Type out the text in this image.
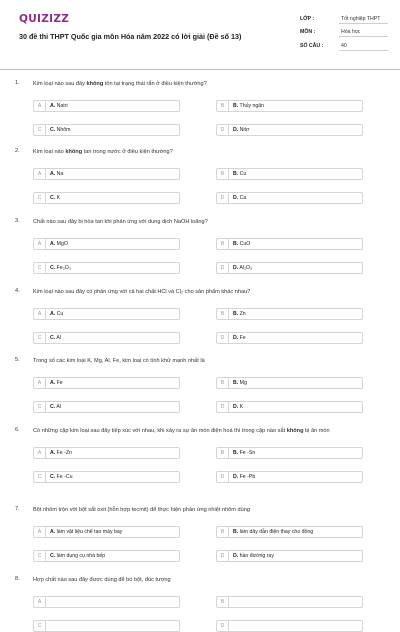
QUIZIZZ
30 đề thi THPT Quốc gia môn Hóa năm 2022 có lời giải (Đề số 13)
LỚP :	Tốt nghiệp THPT
MÔN :	Hóa học
SỐ CÂU :	40
1. Kim loại nào sau đây không tồn tại trạng thái rắn ở điều kiện thường?
A	A. Natri	B	B. Thủy ngân
C	C. Nhôm	D	D. Nitơ
2. Kim loại nào không tan trong nước ở điều kiện thường?
A	A. Na	B	B. Cu
C	C. K	D	D. Ca
3. Chất nào sau đây bị hòa tan khi phản ứng với dung dịch NaOH loãng?
A	A. MgO	B	B. CuO
C	C. Fe₂O₃	D	D. Al₂O₃
4. Kim loại nào sau đây có phản ứng với cả hai chất HCl và Cl₂ cho sản phẩm khác nhau?
A	A. Cu	B	B. Zn
C	C. Al	D	D. Fe
5. Trong số các kim loại K, Mg, Al, Fe, kim loại có tính khử mạnh nhất là
A	A. Fe	B	B. Mg
C	C. Al	D	D. K
6. Có những cặp kim loại sau đây tiếp xúc với nhau, khi xảy ra sự ăn mòn điện hoá thì trong cặp nào sắt không bị ăn mòn
A	A. Fe -Zn	B	B. Fe -Sn
C	C. Fe -Cu	D	D. Fe -Pb
7. Bột nhôm trộn với bột sắt oxit (hỗn hợp tecmit) để thực hiện phản ứng nhiệt nhôm dùng
A	A. làm vật liệu chế tạo máy bay	B	B. làm dây dẫn điện thay cho đồng
C	C. làm dụng cụ nhà bếp	D	D. hàn đường ray
8. Hợp chất nào sau đây được dùng để bó bột, đúc tượng
A	B
C	D
